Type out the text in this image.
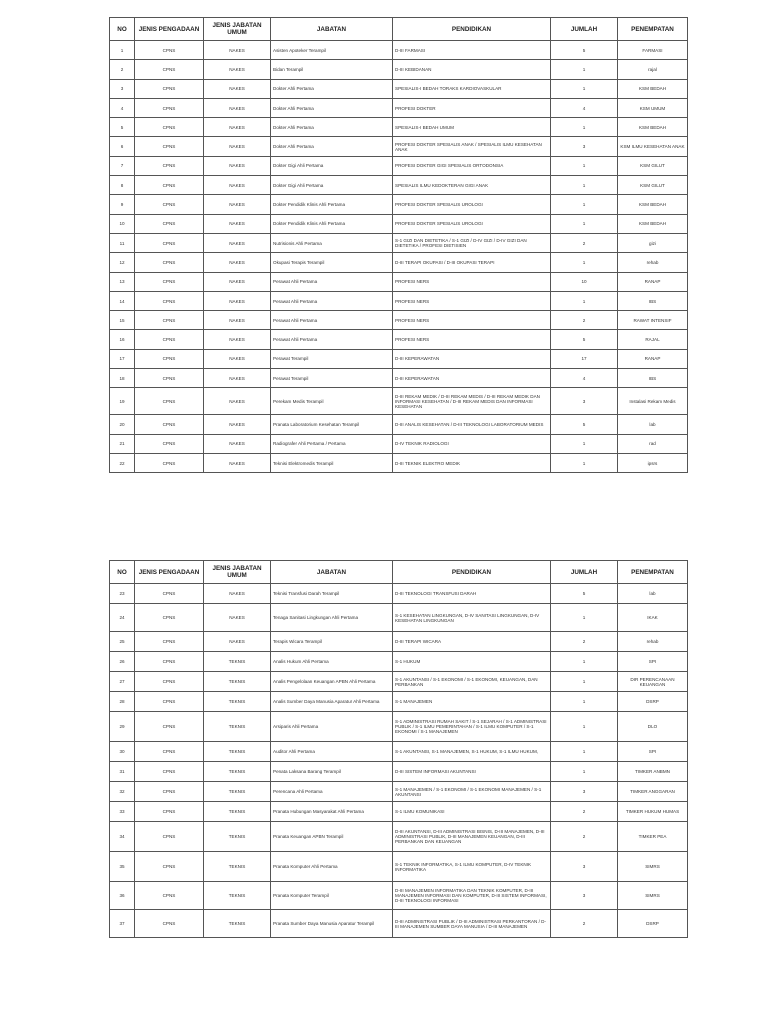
NO	JENIS PENGADAAN	JENIS JABATAN UMUM	JABATAN	PENDIDIKAN	JUMLAH	PENEMPATAN
1	CPNS	NAKES	Asisten Apoteker Terampil	D-III FARMASI	5	FARMASI
2	CPNS	NAKES	Bidan Terampil	D-III KEBIDANAN	1	rajal
3	CPNS	NAKES	Dokter Ahli Pertama	SPESIALIS-I BEDAH TORAKS KARDIOVASKULAR	1	KSM BEDAH
4	CPNS	NAKES	Dokter Ahli Pertama	PROFESI DOKTER	4	KSM UMUM
5	CPNS	NAKES	Dokter Ahli Pertama	SPESIALIS-I BEDAH UMUM	1	KSM BEDAH
6	CPNS	NAKES	Dokter Ahli Pertama	PROFESI DOKTER SPESIALIS ANAK / SPESIALIS ILMU KESEHATAN ANAK	3	KSM ILMU KESEHATAN ANAK
7	CPNS	NAKES	Dokter Gigi Ahli Pertama	PROFESI DOKTER GIGI SPESIALIS ORTODONSIA	1	KSM GILUT
8	CPNS	NAKES	Dokter Gigi Ahli Pertama	SPESIALIS ILMU KEDOKTERAN GIGI ANAK	1	KSM GILUT
9	CPNS	NAKES	Dokter Pendidik Klinis Ahli Pertama	PROFESI DOKTER SPESIALIS UROLOGI	1	KSM BEDAH
10	CPNS	NAKES	Dokter Pendidik Klinis Ahli Pertama	PROFESI DOKTER SPESIALIS UROLOGI	1	KSM BEDAH
11	CPNS	NAKES	Nutrisionis Ahli Pertama	S-1 GIZI DAN DIETETIKA / S-1 GIZI / D-IV GIZI / D-IV GIZI DAN DIETETIKA / PROFESI DIETISIEN	2	gizi
12	CPNS	NAKES	Okupasi Terapis Terampil	D-III TERAPI OKUPASI / D-III OKUPASI TERAPI	1	rehab
13	CPNS	NAKES	Perawat Ahli Pertama	PROFESI NERS	10	RANAP
14	CPNS	NAKES	Perawat Ahli Pertama	PROFESI NERS	1	IBS
15	CPNS	NAKES	Perawat Ahli Pertama	PROFESI NERS	2	RAWAT INTENSIF
16	CPNS	NAKES	Perawat Ahli Pertama	PROFESI NERS	5	RAJAL
17	CPNS	NAKES	Perawat Terampil	D-III KEPERAWATAN	17	RANAP
18	CPNS	NAKES	Perawat Terampil	D-III KEPERAWATAN	4	IBS
19	CPNS	NAKES	Perekam Medis Terampil	D-III REKAM MEDIK / D-III REKAM MEDIS / D-III REKAM MEDIK DAN INFORMASI KESEHATAN / D-III REKAM MEDIS DAN INFORMASI KESEHATAN	3	Instalasi Rekam Medis
20	CPNS	NAKES	Pranata Laboratorium Kesehatan Terampil	D-III ANALIS KESEHATAN / D-III TEKNOLOGI LABORATORIUM MEDIS	5	lab
21	CPNS	NAKES	Radiografer Ahli Pertama / Pertama	D-IV TEKNIK RADIOLOGI	1	rad
22	CPNS	NAKES	Teknisi Elektromedis Terampil	D-III TEKNIK ELEKTRO MEDIK	1	ipsrs
NO	JENIS PENGADAAN	JENIS JABATAN UMUM	JABATAN	PENDIDIKAN	JUMLAH	PENEMPATAN
23	CPNS	NAKES	Teknisi Transfusi Darah Terampil	D-III TEKNOLOGI TRANSFUSI DARAH	5	lab
24	CPNS	NAKES	Tenaga Sanitasi Lingkungan Ahli Pertama	S-1 KESEHATAN LINGKUNGAN, D-IV SANITASI LINGKUNGAN, D-IV KESEHATAN LINGKUNGAN	1	IKAK
25	CPNS	NAKES	Terapis Wicara Terampil	D-III TERAPI WICARA	2	rehab
26	CPNS	TEKNIS	Analis Hukum Ahli Pertama	S-1 HUKUM	1	SPI
27	CPNS	TEKNIS	Analis Pengelolaan Keuangan APBN Ahli Pertama	S-1 AKUNTANSI / S-1 EKONOMI / S-1 EKONOMI, KEUANGAN, DAN PERBANKAN	1	DIR PERENCANAAN KEUANGAN
28	CPNS	TEKNIS	Analis Sumber Daya Manusia Aparatur Ahli Pertama	S-1 MANAJEMEN	1	DSRP
29	CPNS	TEKNIS	Arsiparis Ahli Pertama	S-1 ADMINISTRASI RUMAH SAKIT / S-1 SEJARAH / S-1 ADMINISTRASI PUBLIK / S-1 ILMU PEMERINTAHAN / S-1 ILMU KOMPUTER / S-1 EKONOMI / S-1 MANAJEMEN	1	DLO
30	CPNS	TEKNIS	Auditor Ahli Pertama	S-1 AKUNTANSI, S-1 MANAJEMEN, S-1 HUKUM, S-1 ILMU HUKUM,	1	SPI
31	CPNS	TEKNIS	Penata Laksana Barang Terampil	D-III SISTEM INFORMASI AKUNTANSI	1	TIMKER ANBMN
32	CPNS	TEKNIS	Perencana Ahli Pertama	S-1 MANAJEMEN / S-1 EKONOMI / S-1 EKONOMI MANAJEMEN / S-1 AKUNTANSI	3	TIMKER ANGGARAN
33	CPNS	TEKNIS	Pranata Hubungan Masyarakat Ahli Pertama	S-1 ILMU KOMUNIKASI	2	TIMKER HUKUM HUMAS
34	CPNS	TEKNIS	Pranata Keuangan APBN Terampil	D-III AKUNTANSI, D-III ADMINISTRASI BISNIS, D-III MANAJEMEN, D-III ADMINISTRASI PUBLIK, D-III MANAJEMEN KEUANGAN, D-III PERBANKAN DAN KEUANGAN	2	TIMKER PEA
35	CPNS	TEKNIS	Pranata Komputer Ahli Pertama	S-1 TEKNIK INFORMATIKA, S-1 ILMU KOMPUTER, D-IV TEKNIK INFORMATIKA	3	SIMRS
36	CPNS	TEKNIS	Pranata Komputer Terampil	D-III MANAJEMEN INFORMATIKA DAN TEKNIK KOMPUTER, D-III MANAJEMEN INFORMASI DAN KOMPUTER, D-III SISTEM INFORMASI, D-III TEKNOLOGI INFORMASI	3	SIMRS
37	CPNS	TEKNIS	Pranata Sumber Daya Manusia Aparatur Terampil	D-III ADMINISTRASI PUBLIK / D-III ADMINISTRASI PERKANTORAN / D-III MANAJEMEN SUMBER DAYA MANUSIA / D-III MANAJEMEN	2	DSRP
